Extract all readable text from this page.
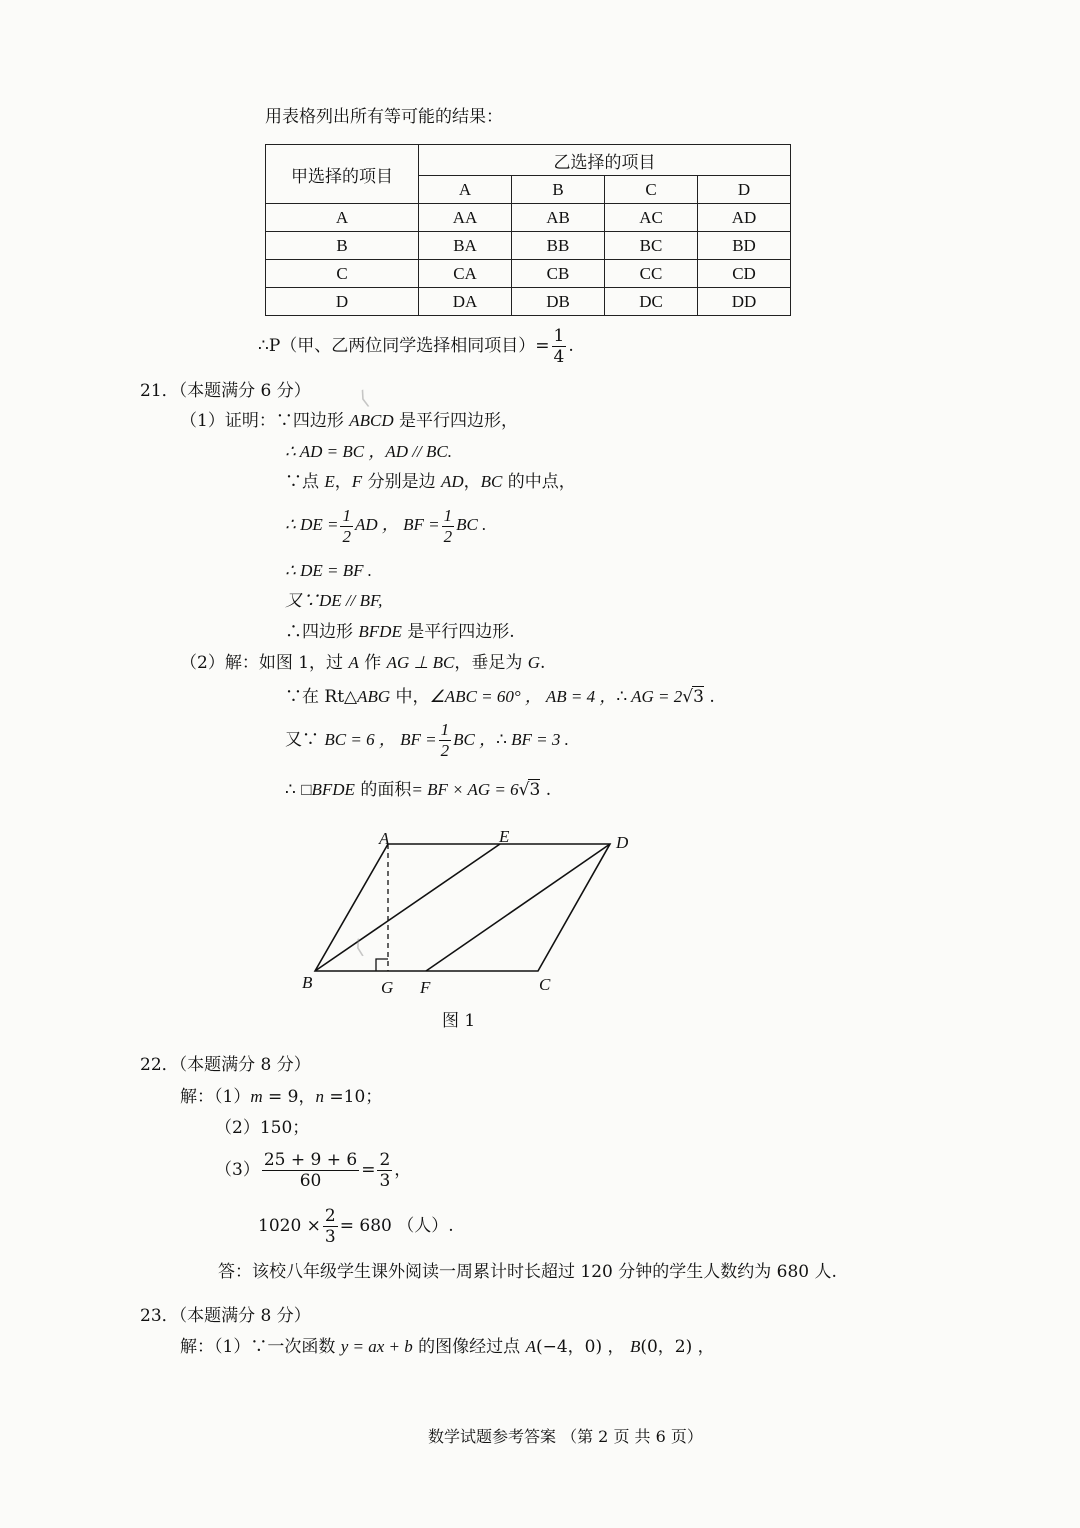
用表格列出所有等可能的结果：
甲选择的项目	乙选择的项目			
	A	B	C	D
A	AA	AB	AC	AD
B	BA	BB	BC	BD
C	CA	CB	CC	CD
D	DA	DB	DC	DD
∴P（甲、乙两位同学选择相同项目）= $\frac{1}{4}$ .
21．（本题满分 6 分）
（1）证明：∵四边形 ABCD 是平行四边形，
∴ AD = BC ，AD // BC.
∵点 E，F 分别是边 AD，BC 的中点，
∴ DE = $\frac{1}{2}$ AD ， BF = $\frac{1}{2}$ BC .
∴ DE = BF .
又∵DE // BF,
∴四边形 BFDE 是平行四边形.
（2）解：如图 1，过 A 作 AG ⊥ BC，垂足为 G.
∵在 Rt△ABG 中，∠ABC = 60° ， AB = 4 ，∴ AG = 2√3 .
又∵ BC = 6 ， BF = $\frac{1}{2}$ BC ，∴ BF = 3 .
∴ □BFDE 的面积= BF × AG = 6√3 .
A	E	D
B	G F	C
图 1
⟨
⟨
22．（本题满分 8 分）
解：（1）m = 9，n =10；
（2）150；
$(3) \frac{25 + 9 + 6}{60} = \frac{2}{3}$ ，
$1020 \times \frac{2}{3} = 680$ （人）.
答：该校八年级学生课外阅读一周累计时长超过 120 分钟的学生人数约为 680 人.
23．（本题满分 8 分）
解：（1）∵一次函数 y = ax + b 的图像经过点 A(−4，0) ， B(0，2) ，
数学试题参考答案 （第 2 页 共 6 页）
